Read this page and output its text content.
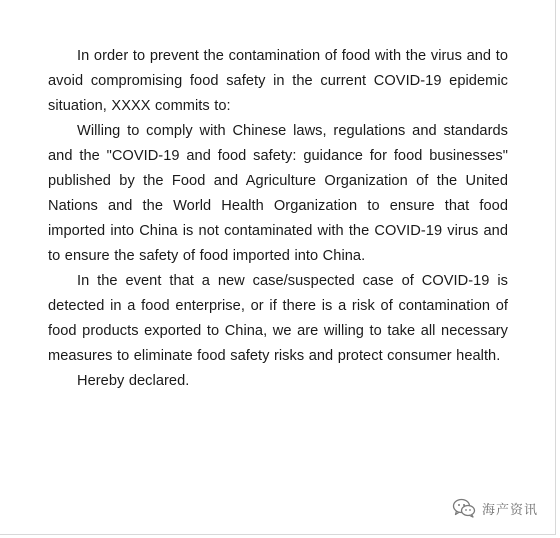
In order to prevent the contamination of food with the virus and to avoid compromising food safety in the current COVID-19 epidemic situation, XXXX commits to:

Willing to comply with Chinese laws, regulations and standards and the "COVID-19 and food safety: guidance for food businesses" published by the Food and Agriculture Organization of the United Nations and the World Health Organization to ensure that food imported into China is not contaminated with the COVID-19 virus and to ensure the safety of food imported into China.

In the event that a new case/suspected case of COVID-19 is detected in a food enterprise, or if there is a risk of contamination of food products exported to China, we are willing to take all necessary measures to eliminate food safety risks and protect consumer health.

Hereby declared.

海产资讯
